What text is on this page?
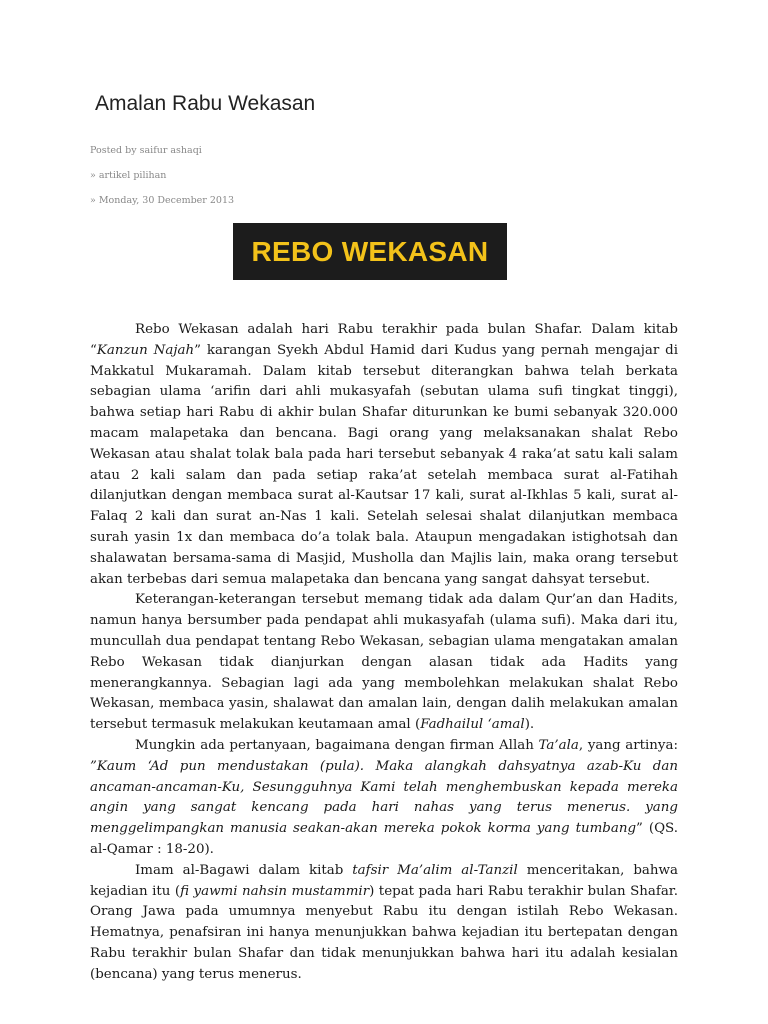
Amalan Rabu Wekasan
Posted by saifur ashaqi
» artikel pilihan
» Monday, 30 December 2013
REBO WEKASAN

Rebo Wekasan adalah hari Rabu terakhir pada bulan Shafar. Dalam kitab “Kanzun Najah” karangan Syekh Abdul Hamid dari Kudus yang pernah mengajar di Makkatul Mukaramah. Dalam kitab tersebut diterangkan bahwa telah berkata sebagian ulama ‘arifin dari ahli mukasyafah (sebutan ulama sufi tingkat tinggi), bahwa setiap hari Rabu di akhir bulan Shafar diturunkan ke bumi sebanyak 320.000 macam malapetaka dan bencana. Bagi orang yang melaksanakan shalat Rebo Wekasan atau shalat tolak bala pada hari tersebut sebanyak 4 raka’at satu kali salam atau 2 kali salam dan pada setiap raka’at setelah membaca surat al-Fatihah dilanjutkan dengan membaca surat al-Kautsar 17 kali, surat al-Ikhlas 5 kali, surat al-Falaq 2 kali dan surat an-Nas 1 kali. Setelah selesai shalat dilanjutkan membaca surah yasin 1x dan membaca do’a tolak bala. Ataupun mengadakan istighotsah dan shalawatan bersama-sama di Masjid, Musholla dan Majlis lain, maka orang tersebut akan terbebas dari semua malapetaka dan bencana yang sangat dahsyat tersebut.

Keterangan-keterangan tersebut memang tidak ada dalam Qur’an dan Hadits, namun hanya bersumber pada pendapat ahli mukasyafah (ulama sufi). Maka dari itu, muncullah dua pendapat tentang Rebo Wekasan, sebagian ulama mengatakan amalan Rebo Wekasan tidak dianjurkan dengan alasan tidak ada Hadits yang menerangkannya. Sebagian lagi ada yang membolehkan melakukan shalat Rebo Wekasan, membaca yasin, shalawat dan amalan lain, dengan dalih melakukan amalan tersebut termasuk melakukan keutamaan amal (Fadhailul ‘amal).

Mungkin ada pertanyaan, bagaimana dengan firman Allah Ta’ala, yang artinya: ”Kaum ‘Ad pun mendustakan (pula). Maka alangkah dahsyatnya azab-Ku dan ancaman-ancaman-Ku, Sesungguhnya Kami telah menghembuskan kepada mereka angin yang sangat kencang pada hari nahas yang terus menerus. yang menggelimpangkan manusia seakan-akan mereka pokok korma yang tumbang” (QS. al-Qamar : 18-20).

Imam al-Bagawi dalam kitab tafsir Ma’alim al-Tanzil menceritakan, bahwa kejadian itu (fi yawmi nahsin mustammir) tepat pada hari Rabu terakhir bulan Shafar. Orang Jawa pada umumnya menyebut Rabu itu dengan istilah Rebo Wekasan. Hematnya, penafsiran ini hanya menunjukkan bahwa kejadian itu bertepatan dengan Rabu terakhir bulan Shafar dan tidak menunjukkan bahwa hari itu adalah kesialan (bencana) yang terus menerus.
